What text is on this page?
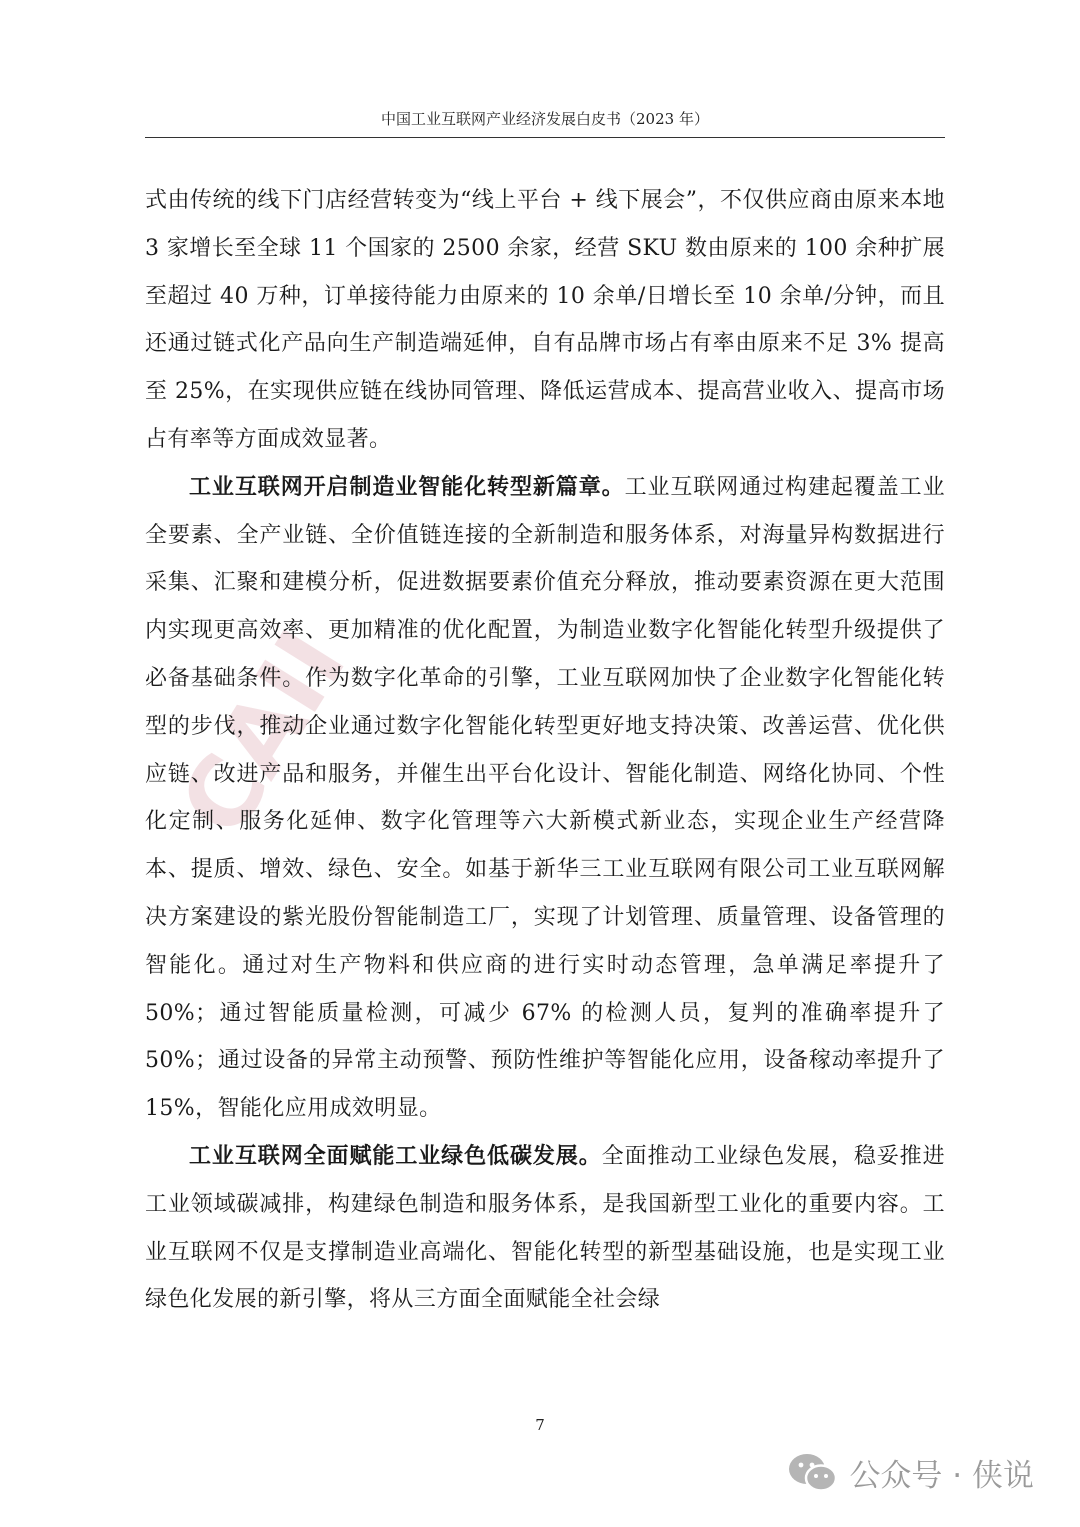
中国工业互联网产业经济发展白皮书（2023 年）
CAII

式由传统的线下门店经营转变为“线上平台 + 线下展会”，不仅供应商由原来本地 3 家增长至全球 11 个国家的 2500 余家，经营 SKU 数由原来的 100 余种扩展至超过 40 万种，订单接待能力由原来的 10 余单/日增长至 10 余单/分钟，而且还通过链式化产品向生产制造端延伸，自有品牌市场占有率由原来不足 3% 提高至 25%，在实现供应链在线协同管理、降低运营成本、提高营业收入、提高市场占有率等方面成效显著。

工业互联网开启制造业智能化转型新篇章。工业互联网通过构建起覆盖工业全要素、全产业链、全价值链连接的全新制造和服务体系，对海量异构数据进行采集、汇聚和建模分析，促进数据要素价值充分释放，推动要素资源在更大范围内实现更高效率、更加精准的优化配置，为制造业数字化智能化转型升级提供了必备基础条件。作为数字化革命的引擎，工业互联网加快了企业数字化智能化转型的步伐，推动企业通过数字化智能化转型更好地支持决策、改善运营、优化供应链、改进产品和服务，并催生出平台化设计、智能化制造、网络化协同、个性化定制、服务化延伸、数字化管理等六大新模式新业态，实现企业生产经营降本、提质、增效、绿色、安全。如基于新华三工业互联网有限公司工业互联网解决方案建设的紫光股份智能制造工厂，实现了计划管理、质量管理、设备管理的智能化。通过对生产物料和供应商的进行实时动态管理，急单满足率提升了 50%；通过智能质量检测，可减少 67% 的检测人员，复判的准确率提升了 50%；通过设备的异常主动预警、预防性维护等智能化应用，设备稼动率提升了 15%，智能化应用成效明显。

工业互联网全面赋能工业绿色低碳发展。全面推动工业绿色发展，稳妥推进工业领域碳减排，构建绿色制造和服务体系，是我国新型工业化的重要内容。工业互联网不仅是支撑制造业高端化、智能化转型的新型基础设施，也是实现工业绿色化发展的新引擎，将从三方面全面赋能全社会绿

7
公众号 · 侠说
